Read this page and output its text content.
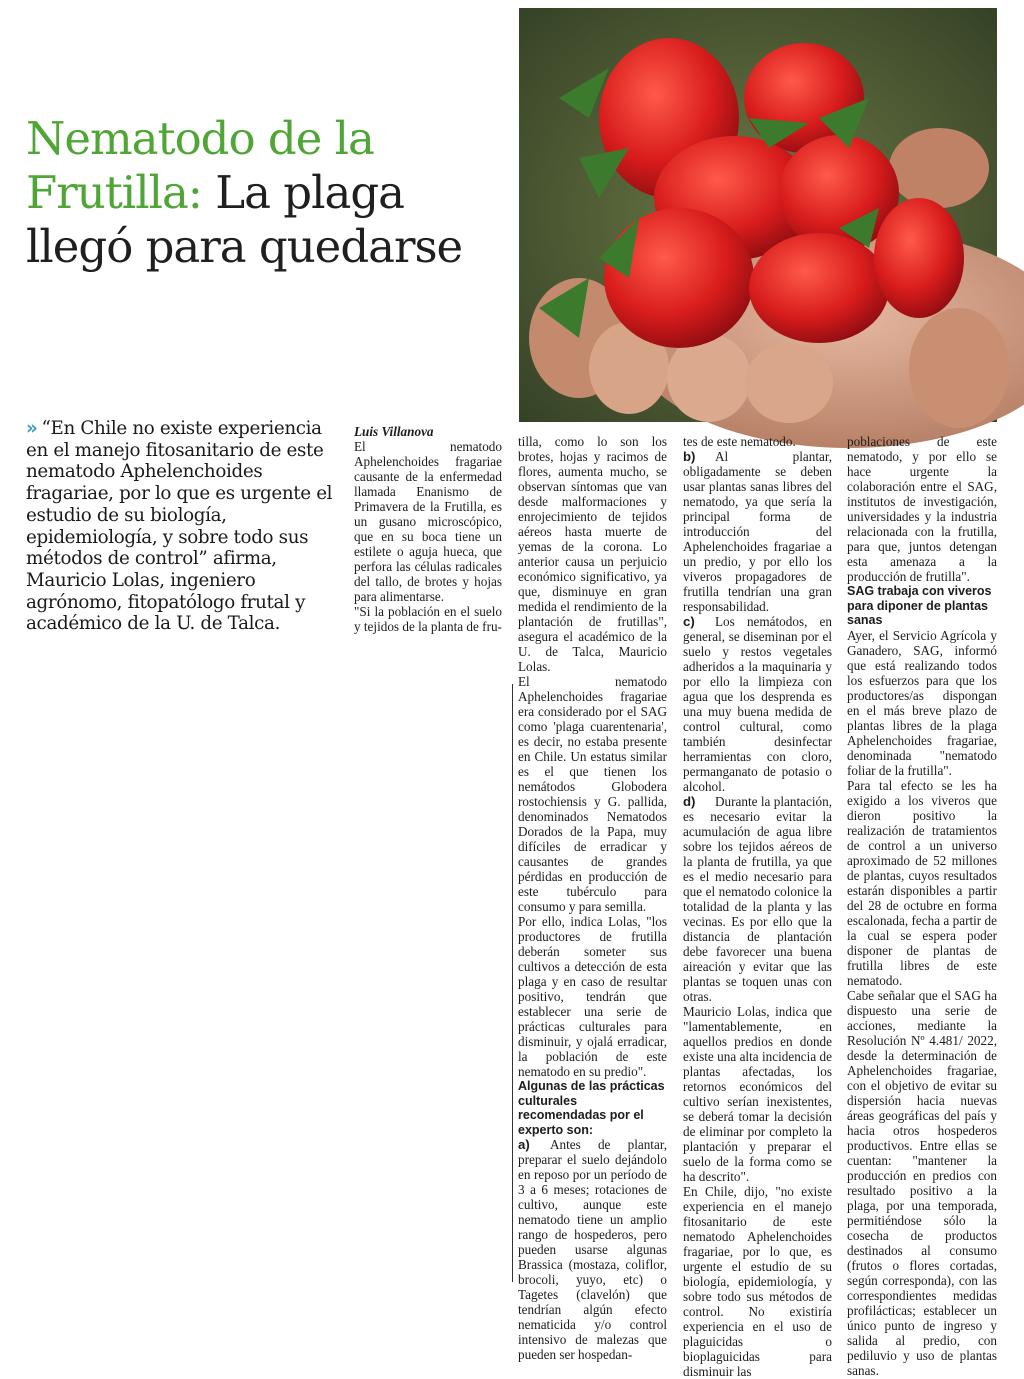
Nematodo de la Frutilla: La plaga llegó para quedarse
» “En Chile no existe experiencia en el manejo fitosanitario de este nematodo Aphelenchoides fragariae, por lo que es urgente el estudio de su biología, epidemiología, y sobre todo sus métodos de control” afirma, Mauricio Lolas, ingeniero agrónomo, fitopatólogo frutal y académico de la U. de Talca.

Luis Villanova

El nematodo Aphelenchoides fragariae causante de la enfermedad llamada Enanismo de Primavera de la Frutilla, es un gusano microscópico, que en su boca tiene un estilete o aguja hueca, que perfora las células radicales del tallo, de brotes y hojas para alimentarse.

"Si la población en el suelo y tejidos de la planta de fru-

tilla, como lo son los brotes, hojas y racimos de flores, aumenta mucho, se observan síntomas que van desde malformaciones y enrojecimiento de tejidos aéreos hasta muerte de yemas de la corona. Lo anterior causa un perjuicio económico significativo, ya que, disminuye en gran medida el rendimiento de la plantación de frutillas", asegura el académico de la U. de Talca, Mauricio Lolas.

El nematodo Aphelenchoides fragariae era considerado por el SAG como 'plaga cuarentenaria', es decir, no estaba presente en Chile. Un estatus similar es el que tienen los nemátodos Globodera rostochiensis y G. pallida, denominados Nematodos Dorados de la Papa, muy difíciles de erradicar y causantes de grandes pérdidas en producción de este tubérculo para consumo y para semilla.

Por ello, indica Lolas, "los productores de frutilla deberán someter sus cultivos a detección de esta plaga y en caso de resultar positivo, tendrán que establecer una serie de prácticas culturales para disminuir, y ojalá erradicar, la población de este nematodo en su predio".

Algunas de las prácticas culturales recomendadas por el experto son:

a) Antes de plantar, preparar el suelo dejándolo en reposo por un período de 3 a 6 meses; rotaciones de cultivo, aunque este nematodo tiene un amplio rango de hospederos, pero pueden usarse algunas Brassica (mostaza, coliflor, brocoli, yuyo, etc) o Tagetes (clavelón) que tendrían algún efecto nematicida y/o control intensivo de malezas que pueden ser hospedan-

tes de este nematodo.

b) Al plantar, obligadamente se deben usar plantas sanas libres del nematodo, ya que sería la principal forma de introducción del Aphelenchoides fragariae a un predio, y por ello los viveros propagadores de frutilla tendrían una gran responsabilidad.

c) Los nemátodos, en general, se diseminan por el suelo y restos vegetales adheridos a la maquinaria y por ello la limpieza con agua que los desprenda es una muy buena medida de control cultural, como también desinfectar herramientas con cloro, permanganato de potasio o alcohol.

d) Durante la plantación, es necesario evitar la acumulación de agua libre sobre los tejidos aéreos de la planta de frutilla, ya que es el medio necesario para que el nematodo colonice la totalidad de la planta y las vecinas. Es por ello que la distancia de plantación debe favorecer una buena aireación y evitar que las plantas se toquen unas con otras.

Mauricio Lolas, indica que "lamentablemente, en aquellos predios en donde existe una alta incidencia de plantas afectadas, los retornos económicos del cultivo serían inexistentes, se deberá tomar la decisión de eliminar por completo la plantación y preparar el suelo de la forma como se ha descrito".

En Chile, dijo, "no existe experiencia en el manejo fitosanitario de este nematodo Aphelenchoides fragariae, por lo que, es urgente el estudio de su biología, epidemiología, y sobre todo sus métodos de control. No existiría experiencia en el uso de plaguicidas o bioplaguicidas para disminuir las

poblaciones de este nematodo, y por ello se hace urgente la colaboración entre el SAG, institutos de investigación, universidades y la industria relacionada con la frutilla, para que, juntos detengan esta amenaza a la producción de frutilla".

SAG trabaja con viveros para diponer de plantas sanas

Ayer, el Servicio Agrícola y Ganadero, SAG, informó que está realizando todos los esfuerzos para que los productores/as dispongan en el más breve plazo de plantas libres de la plaga Aphelenchoides fragariae, denominada "nematodo foliar de la frutilla".

Para tal efecto se les ha exigido a los viveros que dieron positivo la realización de tratamientos de control a un universo aproximado de 52 millones de plantas, cuyos resultados estarán disponibles a partir del 28 de octubre en forma escalonada, fecha a partir de la cual se espera poder disponer de plantas de frutilla libres de este nematodo.

Cabe señalar que el SAG ha dispuesto una serie de acciones, mediante la Resolución Nº 4.481/ 2022, desde la determinación de Aphelenchoides fragariae, con el objetivo de evitar su dispersión hacia nuevas áreas geográficas del país y hacia otros hospederos productivos. Entre ellas se cuentan: "mantener la producción en predios con resultado positivo a la plaga, por una temporada, permitiéndose sólo la cosecha de productos destinados al consumo (frutos o flores cortadas, según corresponda), con las correspondientes medidas profilácticas; establecer un único punto de ingreso y salida al predio, con pediluvio y uso de plantas sanas.
